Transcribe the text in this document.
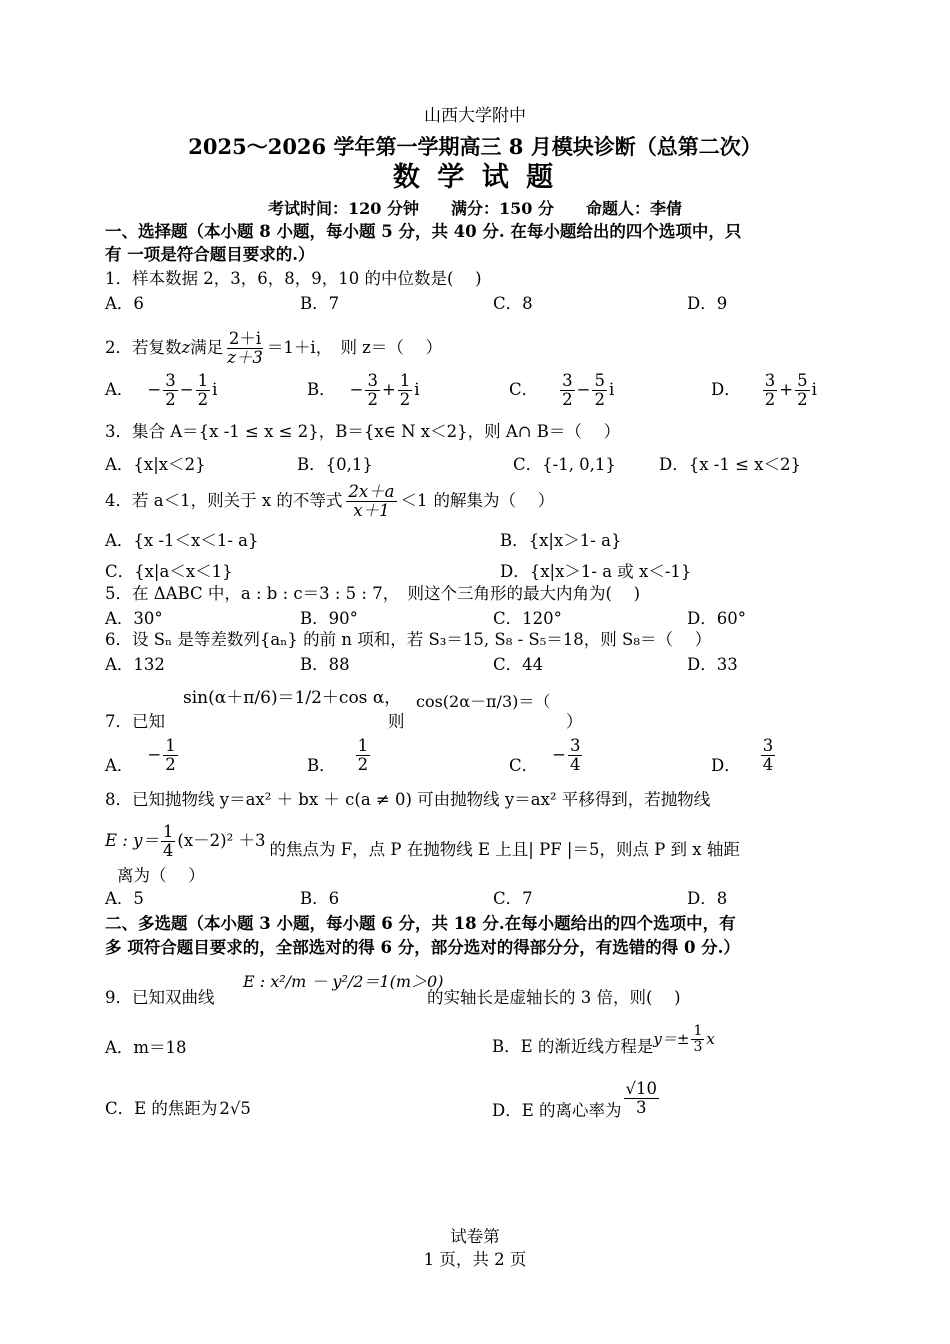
山西大学附中
2025～2026 学年第一学期高三 8 月模块诊断（总第二次）
数 学 试 题
考试时间：120 分钟　　满分：150 分　　命题人：李倩
一、选择题（本小题 8 小题，每小题 5 分，共 40 分. 在每小题给出的四个选项中，只
有 一项是符合题目要求的.）
1．样本数据 2，3，6，8，9，10 的中位数是(　 )
A．6	B．7	C．8	D．9
2．若复数 z 满足 $\frac{2+i}{z+3} =1+i$ ，　则 z＝（　 ）
A． − $\frac{3}{2} - \frac{1}{2}$ i	B． − $\frac{3}{2} + \frac{1}{2}$ i	C． $\frac{3}{2} - \frac{5}{2}$ i	D． $\frac{3}{2} + \frac{5}{2}$ i
3．集合 A＝{x -1 ≤ x ≤ 2}，B＝{x∈ N x＜2}，则 A∩ B＝（　 ）
A．{x|x＜2}	B．{0,1}	C．{-1, 0,1}	D．{x -1 ≤ x＜2}
4．若 a＜1，则关于 x 的不等式 $\frac{2x+a}{x+1} <1$ 的解集为（　 ）
A．{x -1＜x＜1- a}	B．{x|x＞1- a}
C．{x|a＜x＜1}	D．{x|x＞1- a 或 x＜-1}
5．在 ΔABC 中，a : b : c＝3 : 5 : 7，　则这个三角形的最大内角为(　 )
A．30°	B．90°	C．120°	D．60°
6．设 Sₙ 是等差数列{aₙ} 的前 n 项和，若 S₃＝15, S₈ - S₅＝18，则 S₈＝（　 ）
A．132	B．88	C．44	D．33
7．已知
sin(α＋π/6)＝1/2＋cos α，
则
cos(2α－π/3)＝（
）
A．
− $\frac{1}{2}$	B． $\frac{1}{2}$	C．
− $\frac{3}{4}$	D． $\frac{3}{4}$
8．已知抛物线 y＝ax² ＋ bx ＋ c(a ≠ 0) 可由抛物线 y＝ax² 平移得到，若抛物线
E : $y= \frac{1}{4} (x-2)^2 +3$ 的焦点为 F，点 P 在抛物线 E 上且| PF |＝5，则点 P 到 x 轴距
离为（　 ）
A．5	B．6	C．7	D．8
二、多选题（本小题 3 小题，每小题 6 分，共 18 分.在每小题给出的四个选项中，有
多 项符合题目要求的，全部选对的得 6 分，部分选对的得部分分，有选错的得 0 分.）
9．已知双曲线
E : x²/m － y²/2＝1(m＞0)
的实轴长是虚轴长的 3 倍，则(　 )
A．m＝18	B．E 的渐近线方程是 $y=\pm \frac{1}{3}$ x
C．E 的焦距为 2√5	D．E 的离心率为 $\frac{√10}{3}$
试卷第
1 页，共 2 页
